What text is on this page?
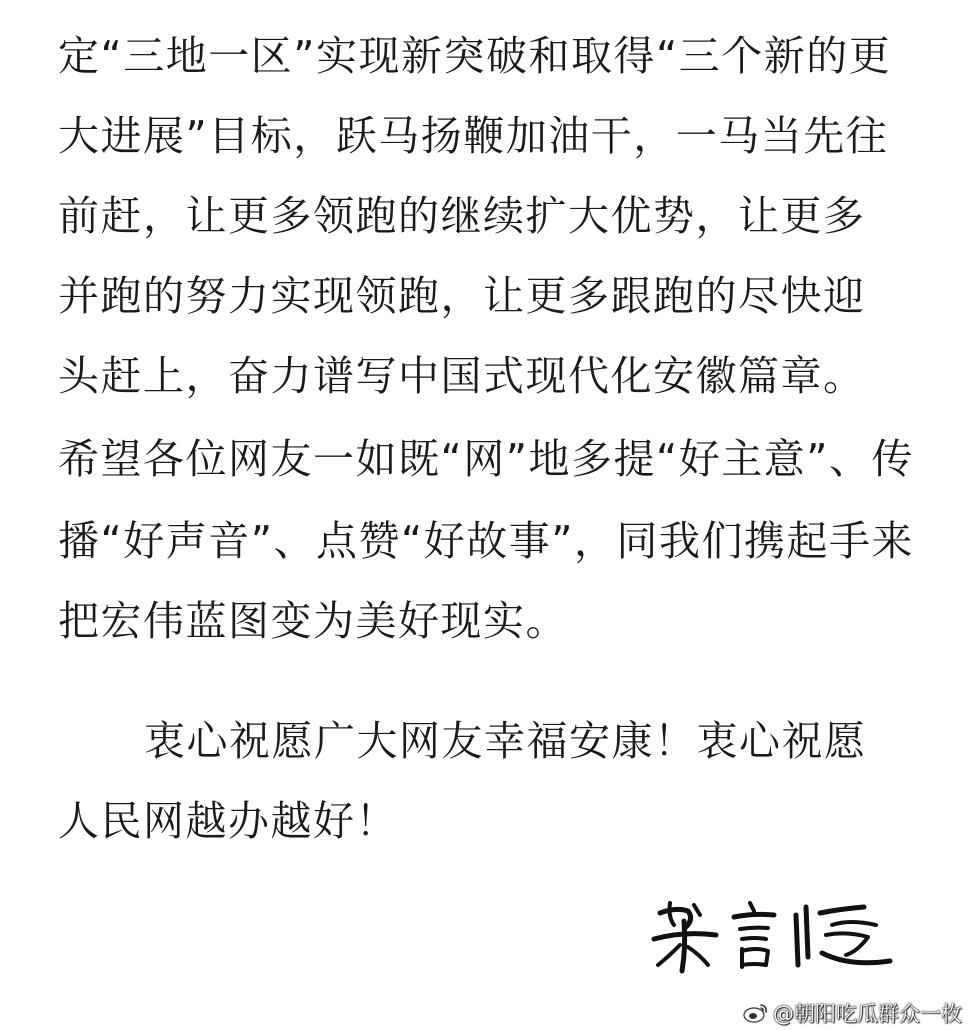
定“三地一区”实现新突破和取得“三个新的更
大进展”目标，跃马扬鞭加油干，一马当先往
前赶，让更多领跑的继续扩大优势，让更多
并跑的努力实现领跑，让更多跟跑的尽快迎
头赶上，奋力谱写中国式现代化安徽篇章。
希望各位网友一如既“网”地多提“好主意”、传
播“好声音”、点赞“好故事”，同我们携起手来
把宏伟蓝图变为美好现实。
衷心祝愿广大网友幸福安康！衷心祝愿
人民网越办越好！
@朝阳吃瓜群众一枚
